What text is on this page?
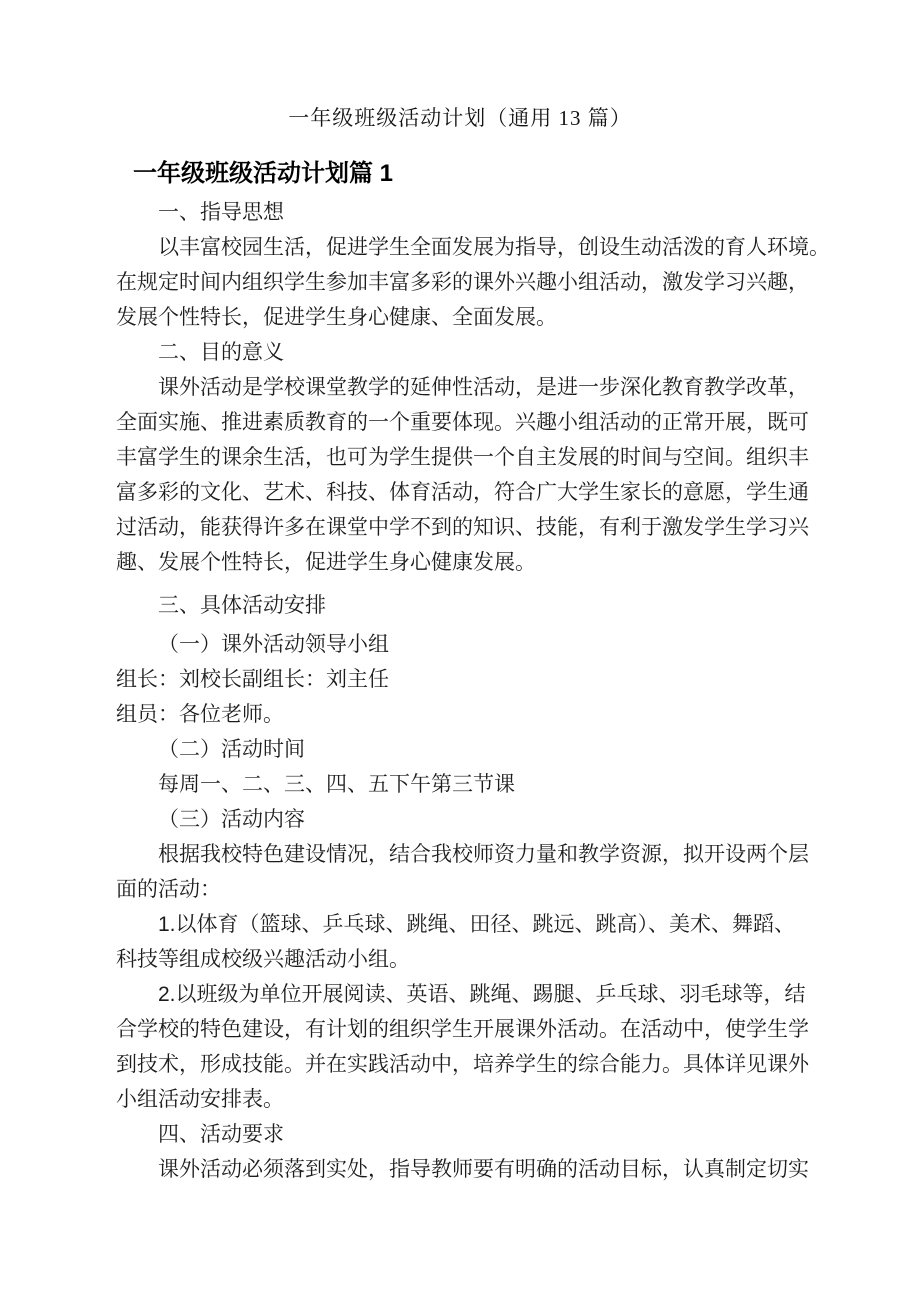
一年级班级活动计划（通用 13 篇）
一年级班级活动计划篇 1
一、指导思想
以丰富校园生活，促进学生全面发展为指导，创设生动活泼的育人环境。
在规定时间内组织学生参加丰富多彩的课外兴趣小组活动，激发学习兴趣，
发展个性特长，促进学生身心健康、全面发展。
二、目的意义
课外活动是学校课堂教学的延伸性活动，是进一步深化教育教学改革，
全面实施、推进素质教育的一个重要体现。兴趣小组活动的正常开展，既可
丰富学生的课余生活，也可为学生提供一个自主发展的时间与空间。组织丰
富多彩的文化、艺术、科技、体育活动，符合广大学生家长的意愿，学生通
过活动，能获得许多在课堂中学不到的知识、技能，有利于激发学生学习兴
趣、发展个性特长，促进学生身心健康发展。
三、具体活动安排
（一）课外活动领导小组
组长：刘校长副组长：刘主任
组员：各位老师。
（二）活动时间
每周一、二、三、四、五下午第三节课
（三）活动内容
根据我校特色建设情况，结合我校师资力量和教学资源，拟开设两个层
面的活动：
1.以体育（篮球、乒乓球、跳绳、田径、跳远、跳高）、美术、舞蹈、
科技等组成校级兴趣活动小组。
2.以班级为单位开展阅读、英语、跳绳、踢腿、乒乓球、羽毛球等，结
合学校的特色建设，有计划的组织学生开展课外活动。在活动中，使学生学
到技术，形成技能。并在实践活动中，培养学生的综合能力。具体详见课外
小组活动安排表。
四、活动要求
课外活动必须落到实处，指导教师要有明确的活动目标，认真制定切实
